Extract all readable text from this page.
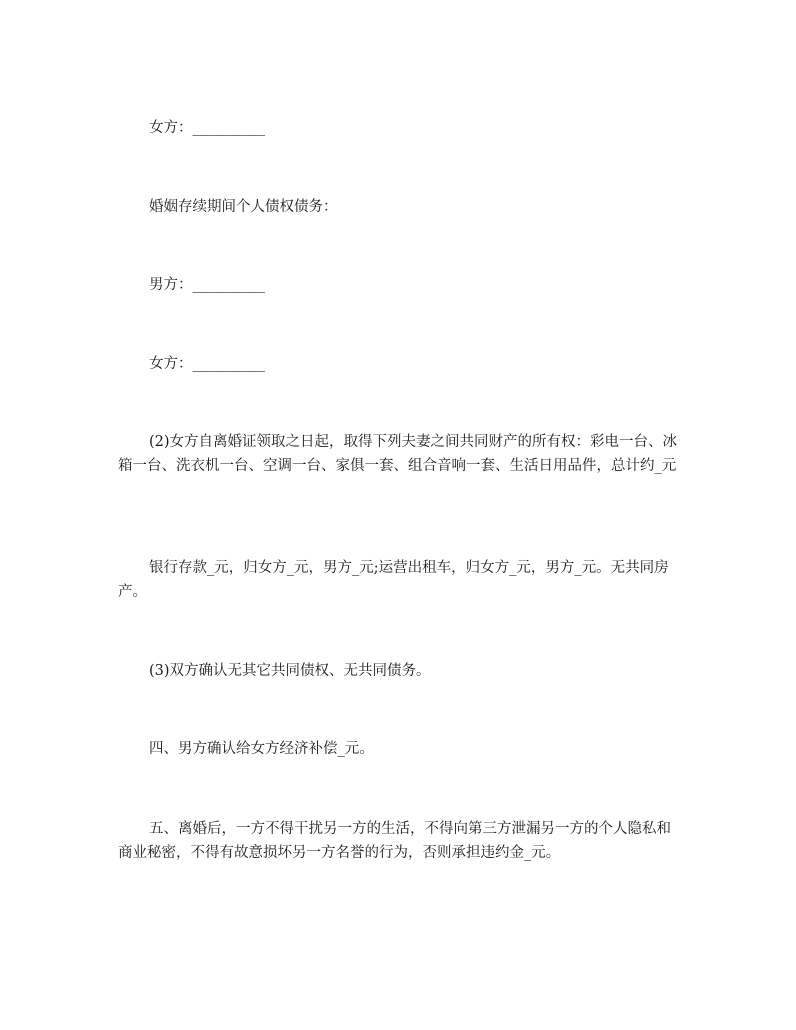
女方：__________

婚姻存续期间个人债权债务：

男方：__________

女方：__________

(2)女方自离婚证领取之日起，取得下列夫妻之间共同财产的所有权：彩电一台、冰箱一台、洗衣机一台、空调一台、家俱一套、组合音响一套、生活日用品件，总计约_元

银行存款_元，归女方_元，男方_元;运营出租车，归女方_元，男方_元。无共同房产。

(3)双方确认无其它共同债权、无共同债务。

四、男方确认给女方经济补偿_元。

五、离婚后，一方不得干扰另一方的生活，不得向第三方泄漏另一方的个人隐私和商业秘密，不得有故意损坏另一方名誉的行为，否则承担违约金_元。
